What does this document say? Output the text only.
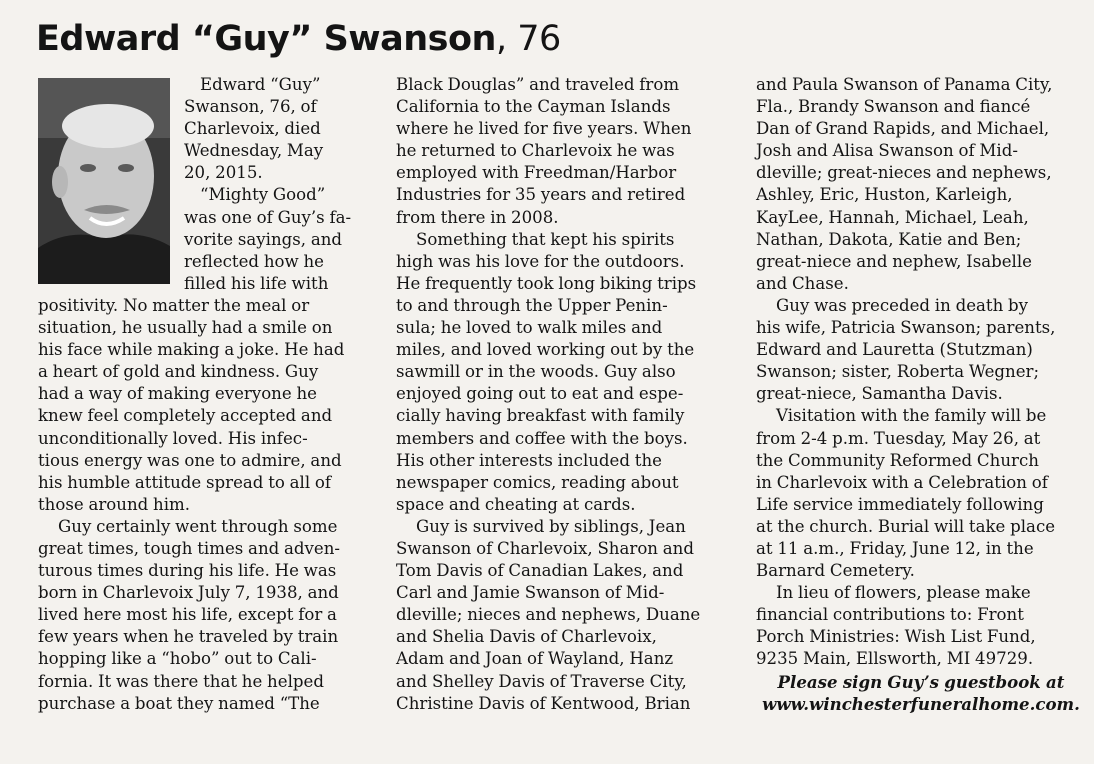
Edward “Guy” Swanson, 76

Edward “Guy”

Swanson, 76, of

Charlevoix, died

Wednesday, May

20, 2015.

“Mighty Good”

was one of Guy’s fa-

vorite sayings, and

reflected how he

filled his life with

positivity. No matter the meal or

situation, he usually had a smile on

his face while making a joke. He had

a heart of gold and kindness. Guy

had a way of making everyone he

knew feel completely accepted and

unconditionally loved. His infec-

tious energy was one to admire, and

his humble attitude spread to all of

those around him.

Guy certainly went through some

great times, tough times and adven-

turous times during his life. He was

born in Charlevoix July 7, 1938, and

lived here most his life, except for a

few years when he traveled by train

hopping like a “hobo” out to Cali-

fornia. It was there that he helped

purchase a boat they named “The

Black Douglas” and traveled from

California to the Cayman Islands

where he lived for five years. When

he returned to Charlevoix he was

employed with Freedman/Harbor

Industries for 35 years and retired

from there in 2008.

Something that kept his spirits

high was his love for the outdoors.

He frequently took long biking trips

to and through the Upper Penin-

sula; he loved to walk miles and

miles, and loved working out by the

sawmill or in the woods. Guy also

enjoyed going out to eat and espe-

cially having breakfast with family

members and coffee with the boys.

His other interests included the

newspaper comics, reading about

space and cheating at cards.

Guy is survived by siblings, Jean

Swanson of Charlevoix, Sharon and

Tom Davis of Canadian Lakes, and

Carl and Jamie Swanson of Mid-

dleville; nieces and nephews, Duane

and Shelia Davis of Charlevoix,

Adam and Joan of Wayland, Hanz

and Shelley Davis of Traverse City,

Christine Davis of Kentwood, Brian

and Paula Swanson of Panama City,

Fla., Brandy Swanson and fiancé

Dan of Grand Rapids, and Michael,

Josh and Alisa Swanson of Mid-

dleville; great-nieces and nephews,

Ashley, Eric, Huston, Karleigh,

KayLee, Hannah, Michael, Leah,

Nathan, Dakota, Katie and Ben;

great-niece and nephew, Isabelle

and Chase.

Guy was preceded in death by

his wife, Patricia Swanson; parents,

Edward and Lauretta (Stutzman)

Swanson; sister, Roberta Wegner;

great-niece, Samantha Davis.

Visitation with the family will be

from 2-4 p.m. Tuesday, May 26, at

the Community Reformed Church

in Charlevoix with a Celebration of

Life service immediately following

at the church. Burial will take place

at 11 a.m., Friday, June 12, in the

Barnard Cemetery.

In lieu of flowers, please make

financial contributions to: Front

Porch Ministries: Wish List Fund,

9235 Main, Ellsworth, MI 49729.

Please sign Guy’s guestbook at

www.winchesterfuneralhome.com.
